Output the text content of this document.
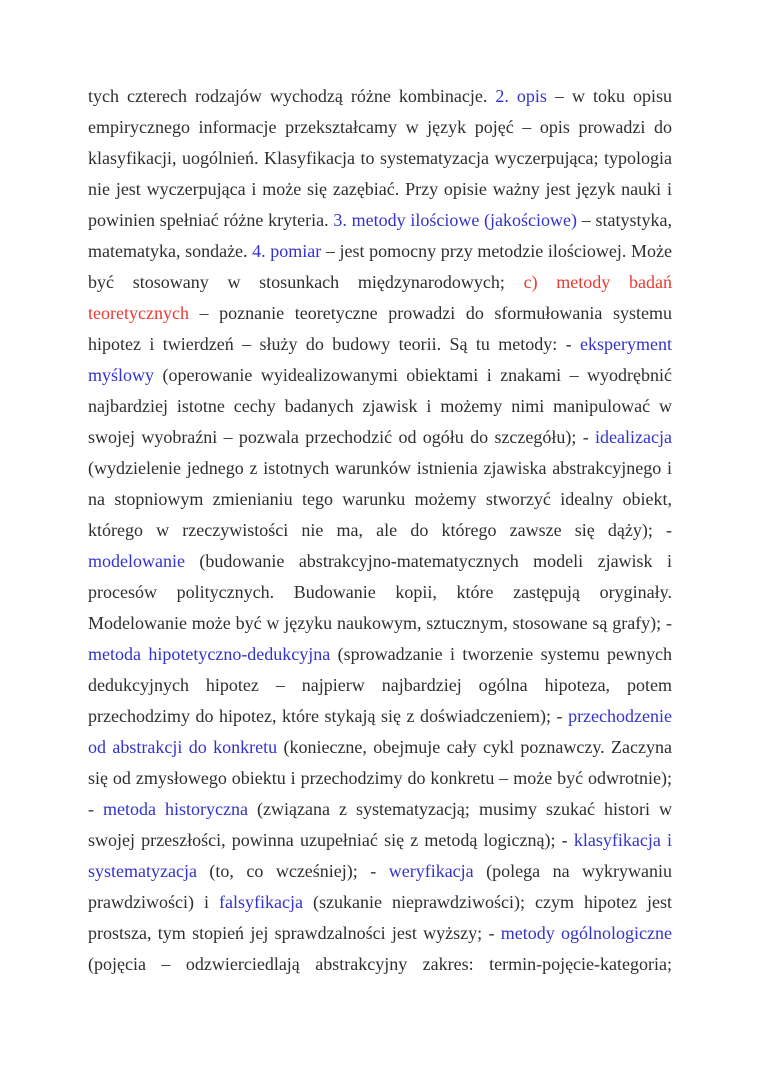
tych czterech rodzajów wychodzą różne kombinacje. 2. opis – w toku opisu
empirycznego informacje przekształcamy w język pojęć – opis prowadzi do
klasyfikacji, uogólnień. Klasyfikacja to systematyzacja wyczerpująca; typologia
nie jest wyczerpująca i może się zazębiać. Przy opisie ważny jest język nauki i
powinien spełniać różne kryteria. 3. metody ilościowe (jakościowe) – statystyka,
matematyka, sondaże. 4. pomiar – jest pomocny przy metodzie ilościowej. Może
być stosowany w stosunkach międzynarodowych; c) metody badań
teoretycznych – poznanie teoretyczne prowadzi do sformułowania systemu
hipotez i twierdzeń – służy do budowy teorii. Są tu metody: - eksperyment
myślowy (operowanie wyidealizowanymi obiektami i znakami – wyodrębnić
najbardziej istotne cechy badanych zjawisk i możemy nimi manipulować w
swojej wyobraźni – pozwala przechodzić od ogółu do szczegółu); - idealizacja
(wydzielenie jednego z istotnych warunków istnienia zjawiska abstrakcyjnego i
na stopniowym zmienianiu tego warunku możemy stworzyć idealny obiekt,
którego w rzeczywistości nie ma, ale do którego zawsze się dąży); -
modelowanie (budowanie abstrakcyjno-matematycznych modeli zjawisk i
procesów politycznych. Budowanie kopii, które zastępują oryginały.
Modelowanie może być w języku naukowym, sztucznym, stosowane są grafy); -
metoda hipotetyczno-dedukcyjna (sprowadzanie i tworzenie systemu pewnych
dedukcyjnych hipotez – najpierw najbardziej ogólna hipoteza, potem
przechodzimy do hipotez, które stykają się z doświadczeniem); - przechodzenie
od abstrakcji do konkretu (konieczne, obejmuje cały cykl poznawczy. Zaczyna
się od zmysłowego obiektu i przechodzimy do konkretu – może być odwrotnie);
- metoda historyczna (związana z systematyzacją; musimy szukać histori w
swojej przeszłości, powinna uzupełniać się z metodą logiczną); - klasyfikacja i
systematyzacja (to, co wcześniej); - weryfikacja (polega na wykrywaniu
prawdziwości) i falsyfikacja (szukanie nieprawdziwości); czym hipotez jest
prostsza, tym stopień jej sprawdzalności jest wyższy; - metody ogólnologiczne
(pojęcia – odzwierciedlają abstrakcyjny zakres: termin-pojęcie-kategoria;
